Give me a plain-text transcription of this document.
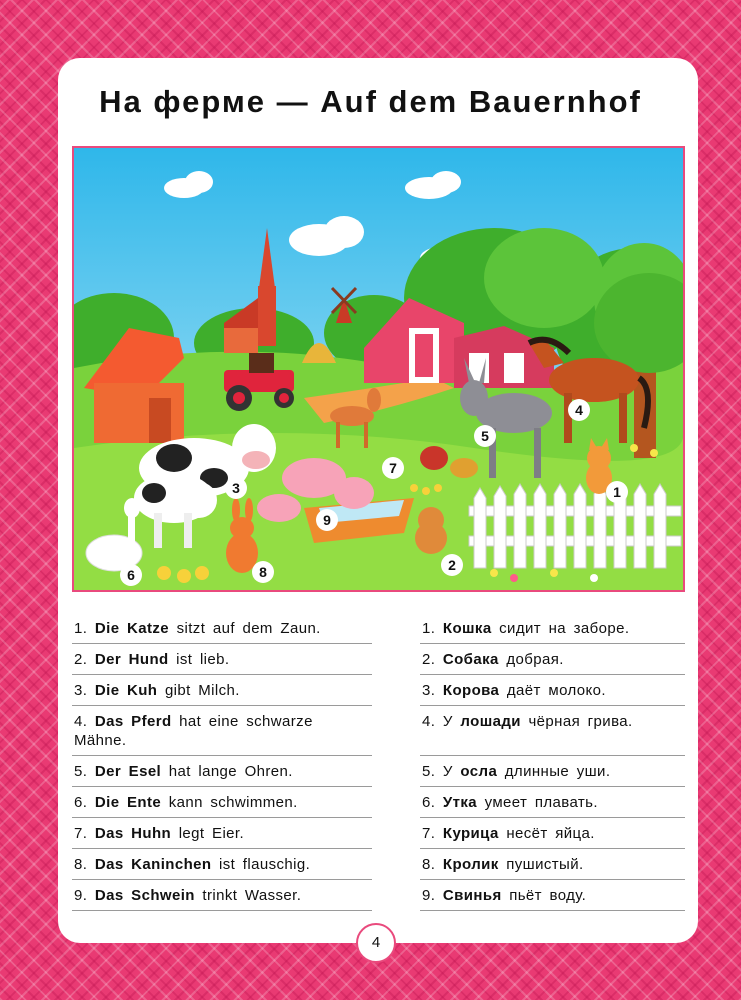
На ферме — Auf dem Bauernhof
1
2
3
4
5
6
7
8
9
1. Die Katze sitzt auf dem Zaun.
2. Der Hund ist lieb.
3. Die Kuh gibt Milch.
4. Das Pferd hat eine schwarze Mähne.
5. Der Esel hat lange Ohren.
6. Die Ente kann schwimmen.
7. Das Huhn legt Eier.
8. Das Kaninchen ist flauschig.
9. Das Schwein trinkt Wasser.
1. Кошка сидит на заборе.
2. Собака добрая.
3. Корова даёт молоко.
4. У лошади чёрная грива.
5. У осла длинные уши.
6. Утка умеет плавать.
7. Курица несёт яйца.
8. Кролик пушистый.
9. Свинья пьёт воду.
4
